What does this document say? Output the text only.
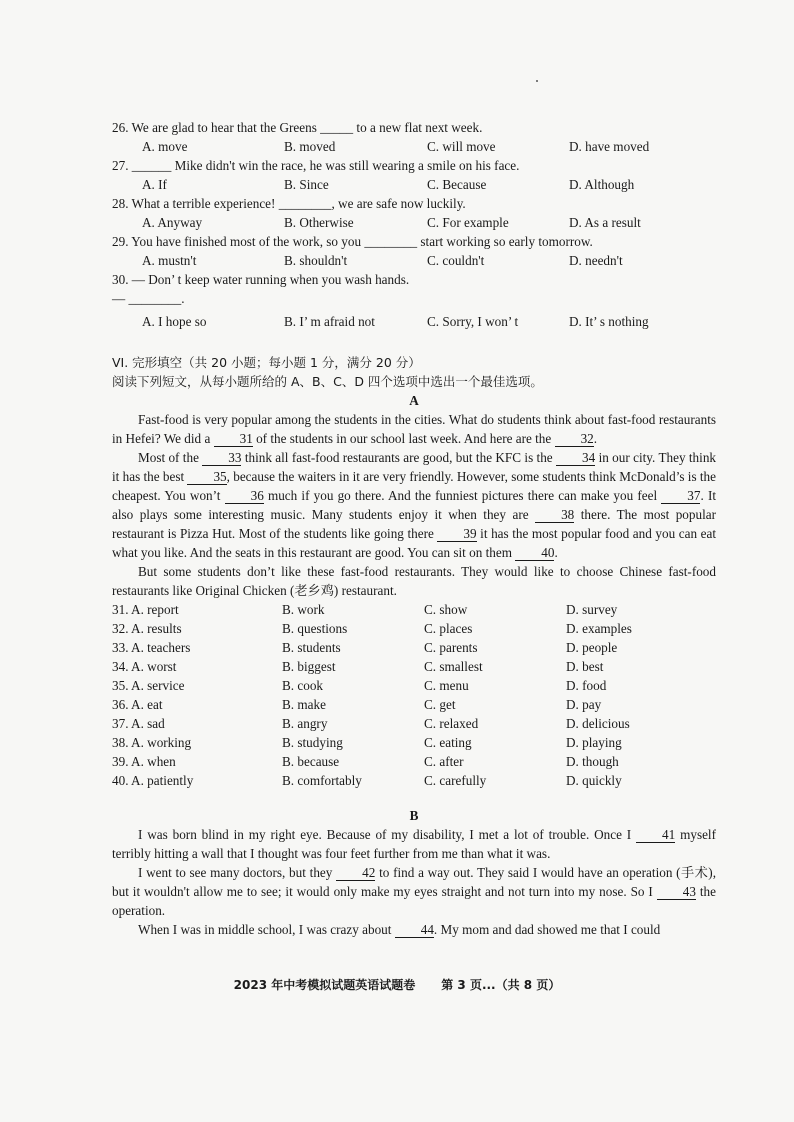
26. We are glad to hear that the Greens _____ to a new flat next week.

A. move	B. moved	C. will move	D. have moved

27. ______ Mike didn't win the race, he was still wearing a smile on his face.

A. If	B. Since	C. Because	D. Although

28. What a terrible experience! ________, we are safe now luckily.

A. Anyway	B. Otherwise	C. For example	D. As a result

29. You have finished most of the work, so you ________ start working so early tomorrow.

A. mustn't	B. shouldn't	C. couldn't	D. needn't

30. — Don’ t keep water running when you wash hands.

— ________.

A. I hope so	B. I’ m afraid not	C. Sorry, I won’ t	D. It’ s nothing
VI. 完形填空（共 20 小题；每小题 1 分，满分 20 分）
阅读下列短文，从每小题所给的 A、B、C、D 四个选项中选出一个最佳选项。
A

Fast-food is very popular among the students in the cities. What do students think about fast-food restaurants in Hefei? We did a 31 of the students in our school last week. And here are the 32.

Most of the 33 think all fast-food restaurants are good, but the KFC is the 34 in our city. They think it has the best 35, because the waiters in it are very friendly. However, some students think McDonald’s is the cheapest. You won’t 36 much if you go there. And the funniest pictures there can make you feel 37. It also plays some interesting music. Many students enjoy it when they are 38 there. The most popular restaurant is Pizza Hut. Most of the students like going there 39 it has the most popular food and you can eat what you like. And the seats in this restaurant are good. You can sit on them 40.

But some students don’t like these fast-food restaurants. They would like to choose Chinese fast-food restaurants like Original Chicken (老乡鸡) restaurant.

31. A. report	B. work	C. show	D. survey
32. A. results	B. questions	C. places	D. examples
33. A. teachers	B. students	C. parents	D. people
34. A. worst	B. biggest	C. smallest	D. best
35. A. service	B. cook	C. menu	D. food
36. A. eat	B. make	C. get	D. pay
37. A. sad	B. angry	C. relaxed	D. delicious
38. A. working	B. studying	C. eating	D. playing
39. A. when	B. because	C. after	D. though
40. A. patiently	B. comfortably	C. carefully	D. quickly
B

I was born blind in my right eye. Because of my disability, I met a lot of trouble. Once I 41 myself terribly hitting a wall that I thought was four feet further from me than what it was.

I went to see many doctors, but they 42 to find a way out. They said I would have an operation (手术), but it wouldn't allow me to see; it would only make my eyes straight and not turn into my nose. So I 43 the operation.

When I was in middle school, I was crazy about 44. My mom and dad showed me that I could

2023 年中考模拟试题英语试题卷 第 3 页...（共 8 页）
